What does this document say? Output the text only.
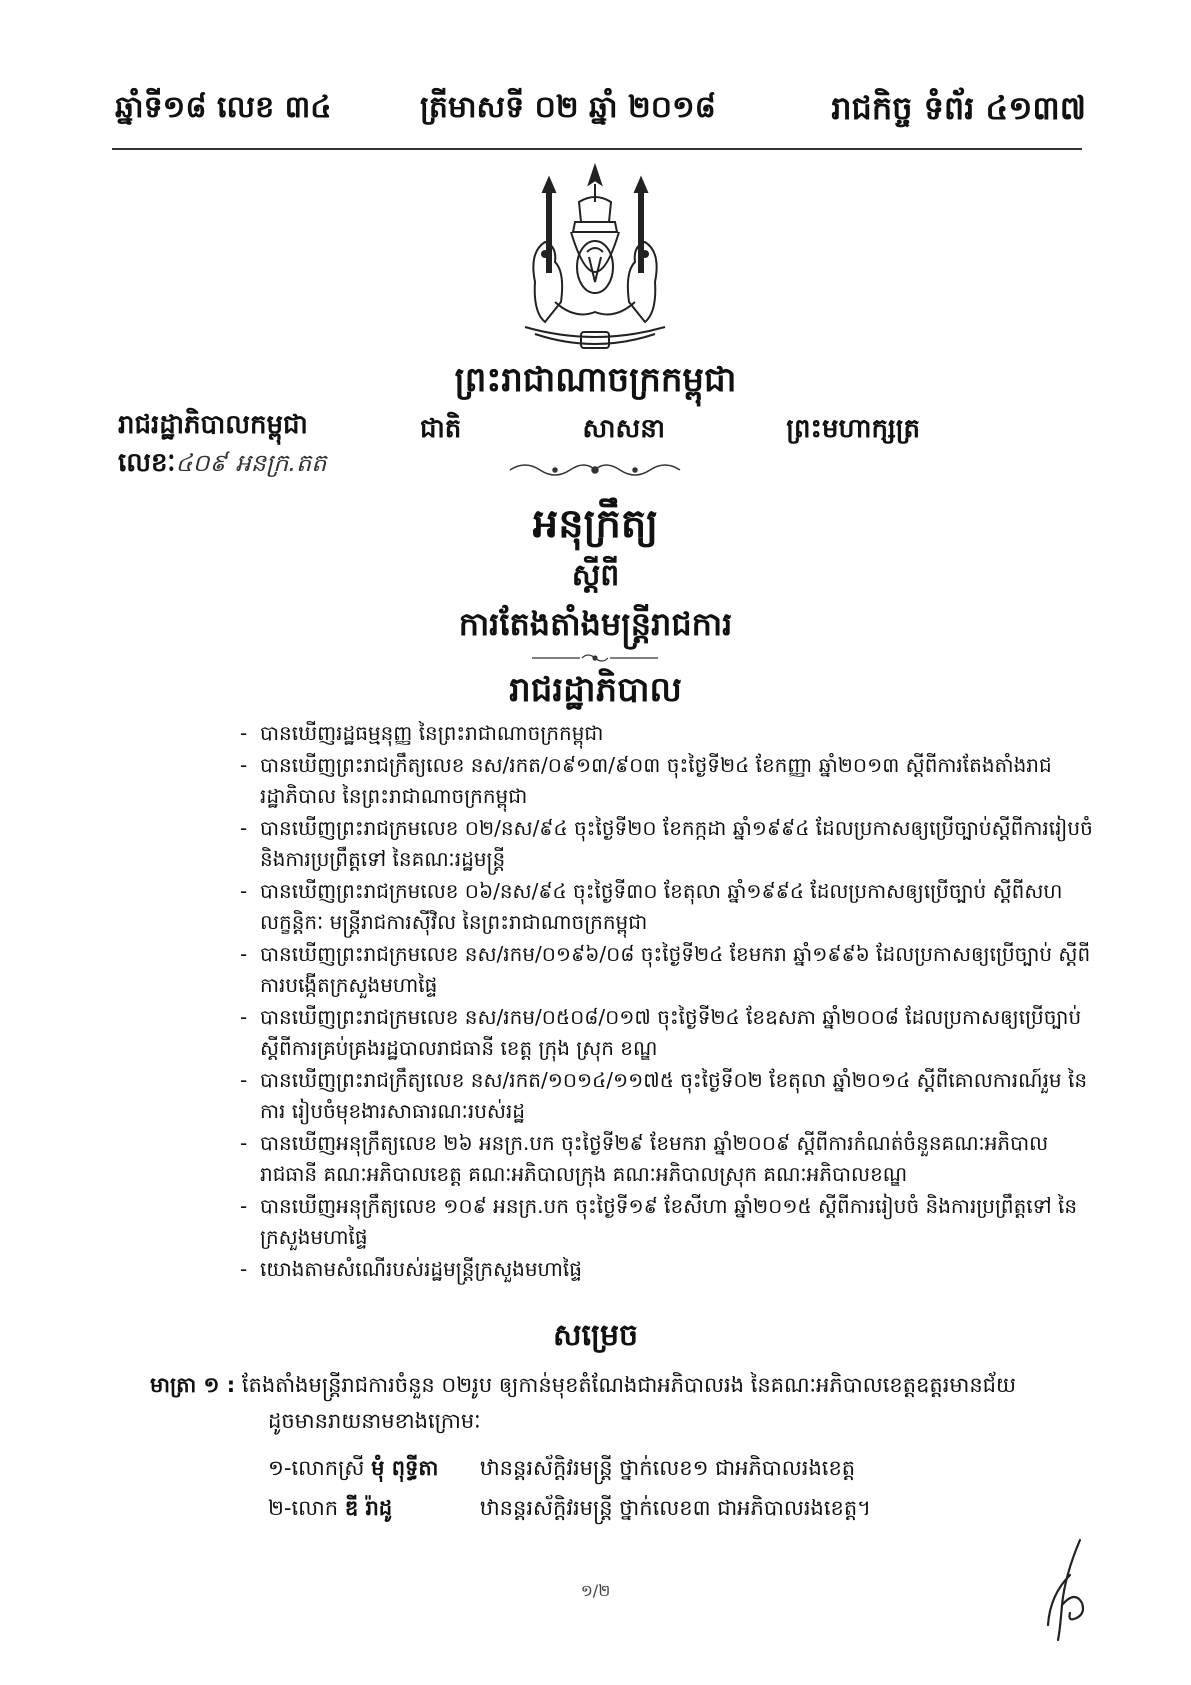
ឆ្នាំទី១៨ លេខ ៣៤	ត្រីមាសទី ០២ ឆ្នាំ ២០១៨	រាជកិច្ច ទំព័រ ៤១៣៧
ព្រះរាជាណាចក្រកម្ពុជា
រាជរដ្ឋាភិបាលកម្ពុជា
លេខៈ៤០៩ អនក្រ.តត
ជាតិ	សាសនា	ព្រះមហាក្សត្រ
អនុក្រឹត្យ
ស្តីពី
ការតែងតាំងមន្ត្រីរាជការ
រាជរដ្ឋាភិបាល

- បានឃើញរដ្ឋធម្មនុញ្ញ នៃព្រះរាជាណាចក្រកម្ពុជា

- បានឃើញព្រះរាជក្រឹត្យលេខ នស/រកត/០៩១៣/៩០៣ ចុះថ្ងៃទី២៤ ខែកញ្ញា ឆ្នាំ២០១៣ ស្តីពីការតែងតាំងរាជរដ្ឋាភិបាល នៃព្រះរាជាណាចក្រកម្ពុជា

- បានឃើញព្រះរាជក្រមលេខ ០២/នស/៩៤ ចុះថ្ងៃទី២០ ខែកក្កដា ឆ្នាំ១៩៩៤ ដែលប្រកាសឲ្យប្រើច្បាប់ស្តីពីការរៀបចំ និងការប្រព្រឹត្តទៅ នៃគណៈរដ្ឋមន្ត្រី

- បានឃើញព្រះរាជក្រមលេខ ០៦/នស/៩៤ ចុះថ្ងៃទី៣០ ខែតុលា ឆ្នាំ១៩៩៤ ដែលប្រកាសឲ្យប្រើច្បាប់ ស្តីពីសហលក្ខន្តិកៈ មន្ត្រីរាជការស៊ីវិល នៃព្រះរាជាណាចក្រកម្ពុជា

- បានឃើញព្រះរាជក្រមលេខ នស/រកម/០១៩៦/០៨ ចុះថ្ងៃទី២៤ ខែមករា ឆ្នាំ១៩៩៦ ដែលប្រកាសឲ្យប្រើច្បាប់ ស្តីពីការបង្កើតក្រសួងមហាផ្ទៃ

- បានឃើញព្រះរាជក្រមលេខ នស/រកម/០៥០៨/០១៧ ចុះថ្ងៃទី២៤ ខែឧសភា ឆ្នាំ២០០៨ ដែលប្រកាសឲ្យប្រើច្បាប់ ស្តីពីការគ្រប់គ្រងរដ្ឋបាលរាជធានី ខេត្ត ក្រុង ស្រុក ខណ្ឌ

- បានឃើញព្រះរាជក្រឹត្យលេខ នស/រកត/១០១៤/១១៧៥ ចុះថ្ងៃទី០២ ខែតុលា ឆ្នាំ២០១៤ ស្តីពីគោលការណ៍រួម នៃការ រៀបចំមុខងារសាធារណៈរបស់រដ្ឋ

- បានឃើញអនុក្រឹត្យលេខ ២៦ អនក្រ.បក ចុះថ្ងៃទី២៩ ខែមករា ឆ្នាំ២០០៩ ស្តីពីការកំណត់ចំនួនគណៈអភិបាលរាជធានី គណៈអភិបាលខេត្ត គណៈអភិបាលក្រុង គណៈអភិបាលស្រុក គណៈអភិបាលខណ្ឌ

- បានឃើញអនុក្រឹត្យលេខ ១០៩ អនក្រ.បក ចុះថ្ងៃទី១៩ ខែសីហា ឆ្នាំ២០១៥ ស្តីពីការរៀបចំ និងការប្រព្រឹត្តទៅ នៃ ក្រសួងមហាផ្ទៃ

- យោងតាមសំណើរបស់រដ្ឋមន្ត្រីក្រសួងមហាផ្ទៃ

សម្រេច
មាត្រា ១ : តែងតាំងមន្ត្រីរាជការចំនួន ០២រូប ឲ្យកាន់មុខតំណែងជាអភិបាលរង នៃគណៈអភិបាលខេត្តឧត្តរមានជ័យ
ដូចមានរាយនាមខាងក្រោមៈ
១-លោកស្រី មុំ ពុទ្ធីតា ឋានន្តរស័ក្តិវរមន្ត្រី ថ្នាក់លេខ១ ជាអភិបាលរងខេត្ត
២-លោក ឌី រ៉ាដូ	ឋានន្តរស័ក្តិវរមន្ត្រី ថ្នាក់លេខ៣ ជាអភិបាលរងខេត្ត។
១/២
